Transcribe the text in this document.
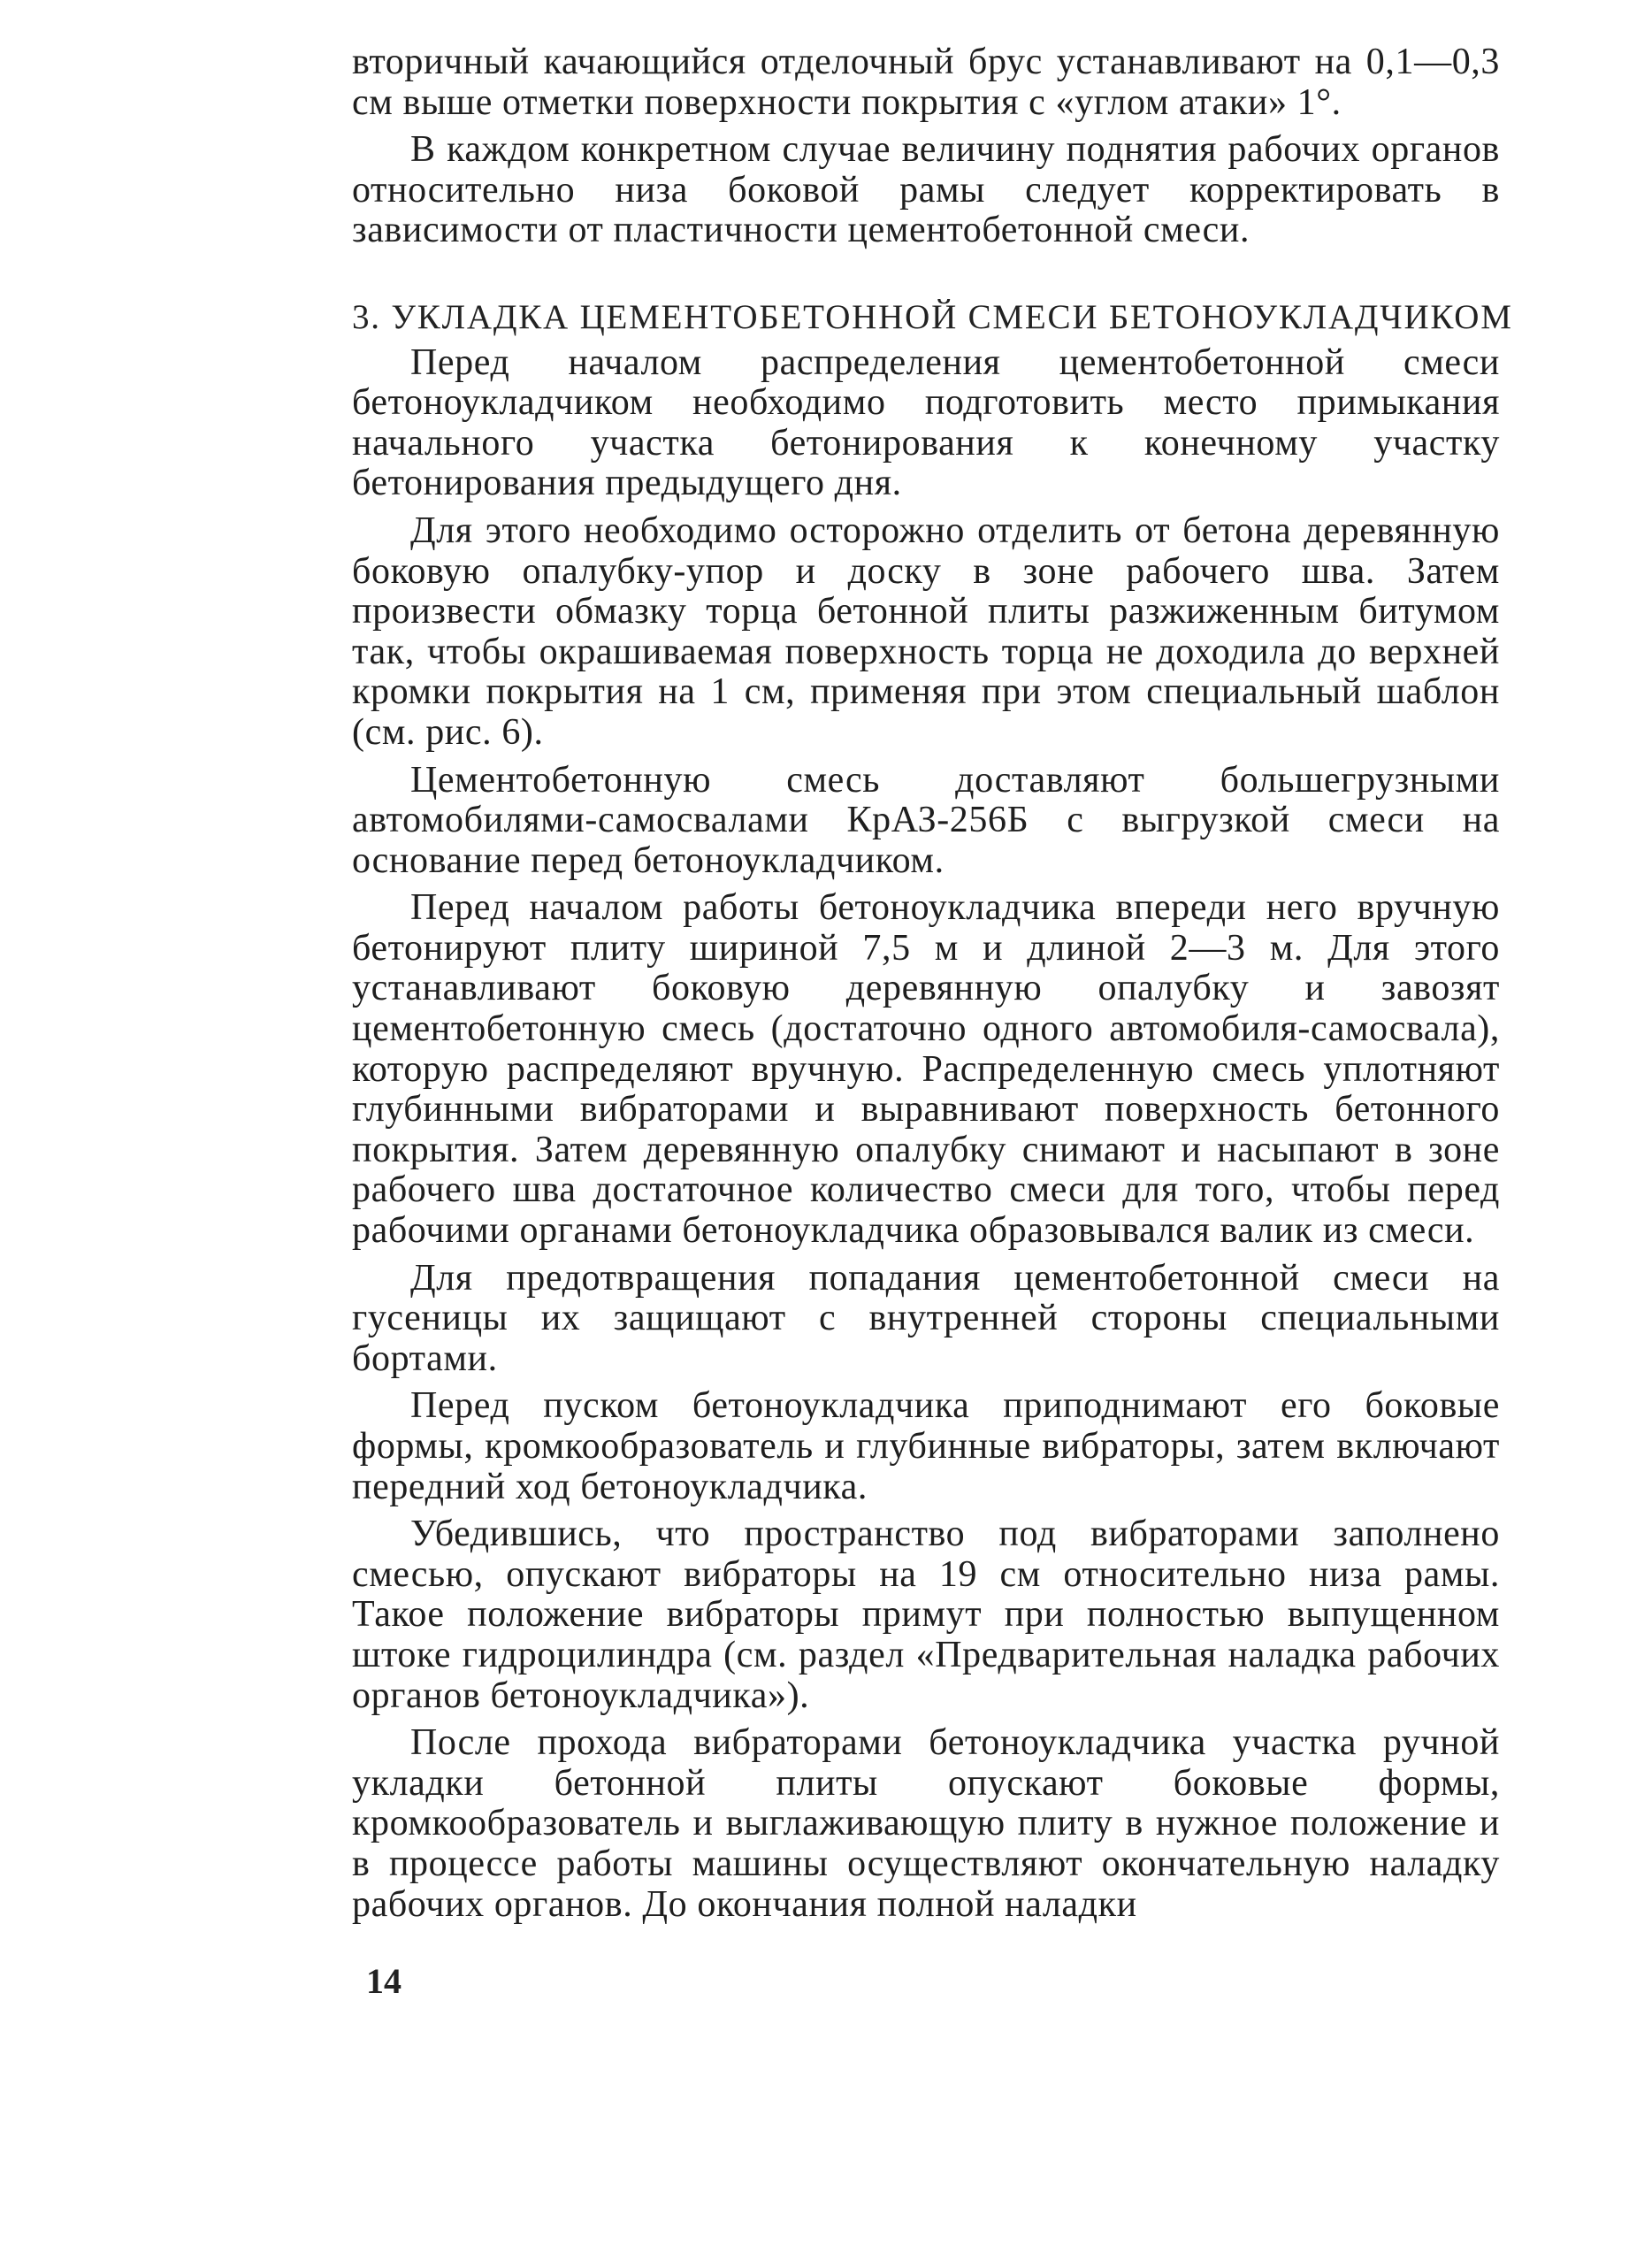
вторичный качающийся отделочный брус устанавливают на 0,1—0,3 см выше отметки поверхности покрытия с «углом атаки» 1°.

В каждом конкретном случае величину поднятия рабочих органов относительно низа боковой рамы следует корректировать в зависимости от пластичности цементобетонной смеси.

3. УКЛАДКА ЦЕМЕНТОБЕТОННОЙ СМЕСИ БЕТОНОУКЛАДЧИКОМ

Перед началом распределения цементобетонной смеси бетоноукладчиком необходимо подготовить место примыкания начального участка бетонирования к конечному участку бетонирования предыдущего дня.

Для этого необходимо осторожно отделить от бетона деревянную боковую опалубку-упор и доску в зоне рабочего шва. Затем произвести обмазку торца бетонной плиты разжиженным битумом так, чтобы окрашиваемая поверхность торца не доходила до верхней кромки покрытия на 1 см, применяя при этом специальный шаблон (см. рис. 6).

Цементобетонную смесь доставляют большегрузными автомобилями-самосвалами КрАЗ-256Б с выгрузкой смеси на основание перед бетоноукладчиком.

Перед началом работы бетоноукладчика впереди него вручную бетонируют плиту шириной 7,5 м и длиной 2—3 м. Для этого устанавливают боковую деревянную опалубку и завозят цементобетонную смесь (достаточно одного автомобиля-самосвала), которую распределяют вручную. Распределенную смесь уплотняют глубинными вибраторами и выравнивают поверхность бетонного покрытия. Затем деревянную опалубку снимают и насыпают в зоне рабочего шва достаточное количество смеси для того, чтобы перед рабочими органами бетоноукладчика образовывался валик из смеси.

Для предотвращения попадания цементобетонной смеси на гусеницы их защищают с внутренней стороны специальными бортами.

Перед пуском бетоноукладчика приподнимают его боковые формы, кромкообразователь и глубинные вибраторы, затем включают передний ход бетоноукладчика.

Убедившись, что пространство под вибраторами заполнено смесью, опускают вибраторы на 19 см относительно низа рамы. Такое положение вибраторы примут при полностью выпущенном штоке гидроцилиндра (см. раздел «Предварительная наладка рабочих органов бетоноукладчика»).

После прохода вибраторами бетоноукладчика участка ручной укладки бетонной плиты опускают боковые формы, кромкообразователь и выглаживающую плиту в нужное положение и в процессе работы машины осуществляют окончательную наладку рабочих органов. До окончания полной наладки

14
